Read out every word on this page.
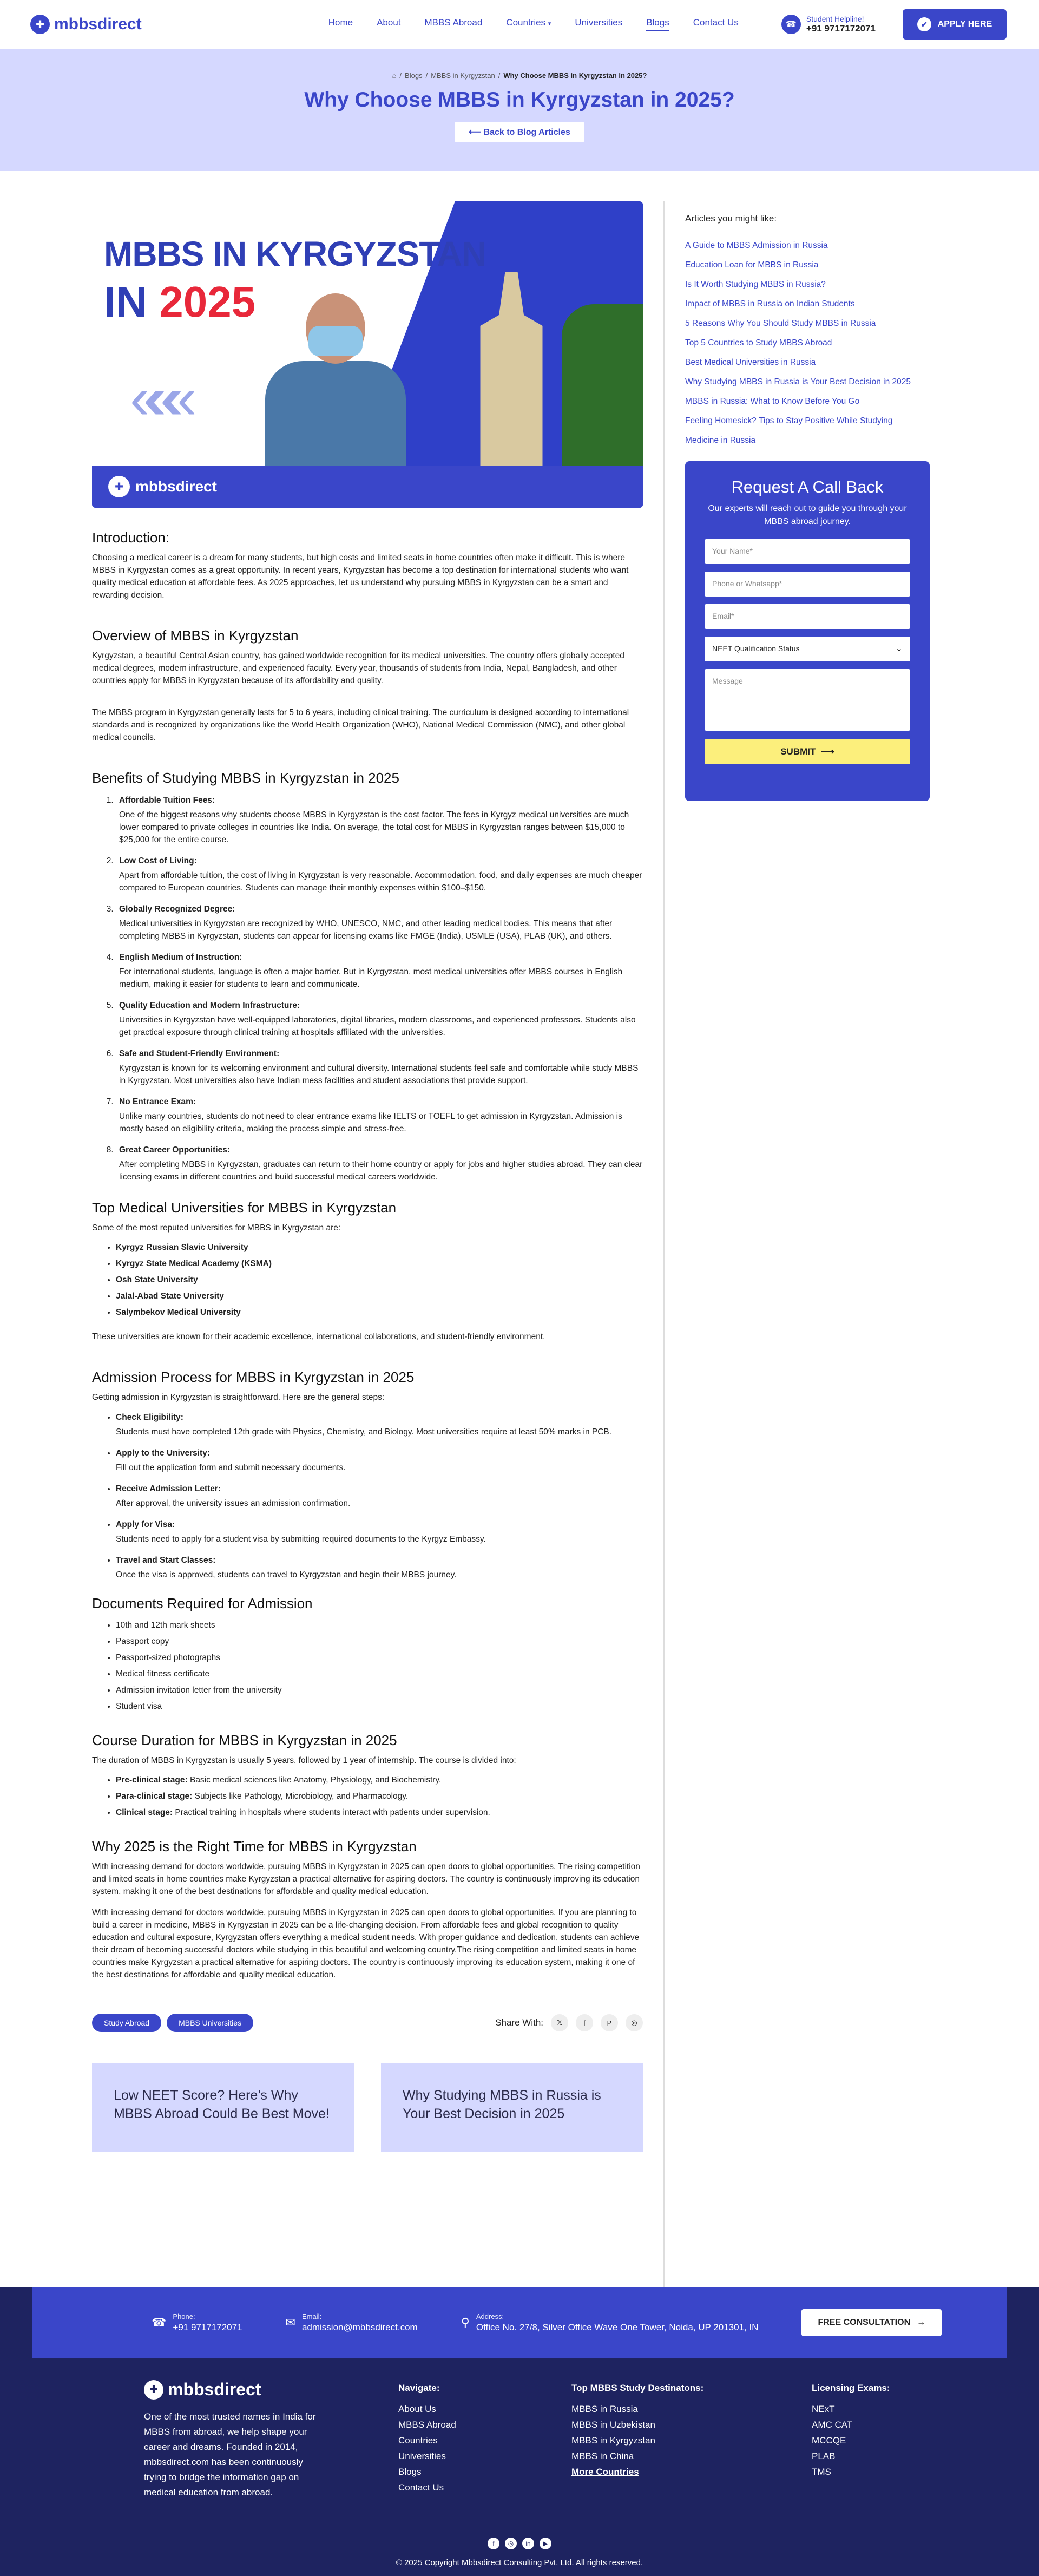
✚ mbbsdirect	Home	About	MBBS Abroad	Countries ▾	Universities	Blogs	Contact Us	☎
Student Helpline!
+91 9717172071	✔	APPLY HERE
⌂ / Blogs / MBBS in Kyrgyzstan / Why Choose MBBS in Kyrgyzstan in 2025?
Why Choose MBBS in Kyrgyzstan in 2025?
⟵ Back to Blog Articles
MBBS IN KYRGYZSTAN
IN 2025
«««
✚ mbbsdirect
Introduction:

Choosing a medical career is a dream for many students, but high costs and limited seats in home countries often make it difficult. This is where MBBS in Kyrgyzstan comes as a great opportunity. In recent years, Kyrgyzstan has become a top destination for international students who want quality medical education at affordable fees. As 2025 approaches, let us understand why pursuing MBBS in Kyrgyzstan can be a smart and rewarding decision.

Overview of MBBS in Kyrgyzstan

Kyrgyzstan, a beautiful Central Asian country, has gained worldwide recognition for its medical universities. The country offers globally accepted medical degrees, modern infrastructure, and experienced faculty. Every year, thousands of students from India, Nepal, Bangladesh, and other countries apply for MBBS in Kyrgyzstan because of its affordability and quality.

The MBBS program in Kyrgyzstan generally lasts for 5 to 6 years, including clinical training. The curriculum is designed according to international standards and is recognized by organizations like the World Health Organization (WHO), National Medical Commission (NMC), and other global medical councils.

Benefits of Studying MBBS in Kyrgyzstan in 2025
1. Affordable Tuition Fees:
One of the biggest reasons why students choose MBBS in Kyrgyzstan is the cost factor. The fees in Kyrgyz medical universities are much lower compared to private colleges in countries like India. On average, the total cost for MBBS in Kyrgyzstan ranges between $15,000 to $25,000 for the entire course.
2. Low Cost of Living:
Apart from affordable tuition, the cost of living in Kyrgyzstan is very reasonable. Accommodation, food, and daily expenses are much cheaper compared to European countries. Students can manage their monthly expenses within $100–$150.
3. Globally Recognized Degree:
Medical universities in Kyrgyzstan are recognized by WHO, UNESCO, NMC, and other leading medical bodies. This means that after completing MBBS in Kyrgyzstan, students can appear for licensing exams like FMGE (India), USMLE (USA), PLAB (UK), and others.
4. English Medium of Instruction:
For international students, language is often a major barrier. But in Kyrgyzstan, most medical universities offer MBBS courses in English medium, making it easier for students to learn and communicate.
5. Quality Education and Modern Infrastructure:
Universities in Kyrgyzstan have well-equipped laboratories, digital libraries, modern classrooms, and experienced professors. Students also get practical exposure through clinical training at hospitals affiliated with the universities.
6. Safe and Student-Friendly Environment:
Kyrgyzstan is known for its welcoming environment and cultural diversity. International students feel safe and comfortable while study MBBS in Kyrgyzstan. Most universities also have Indian mess facilities and student associations that provide support.
7. No Entrance Exam:
Unlike many countries, students do not need to clear entrance exams like IELTS or TOEFL to get admission in Kyrgyzstan. Admission is mostly based on eligibility criteria, making the process simple and stress-free.
8. Great Career Opportunities:
After completing MBBS in Kyrgyzstan, graduates can return to their home country or apply for jobs and higher studies abroad. They can clear licensing exams in different countries and build successful medical careers worldwide.
Top Medical Universities for MBBS in Kyrgyzstan

Some of the most reputed universities for MBBS in Kyrgyzstan are:

• Kyrgyz Russian Slavic University
• Kyrgyz State Medical Academy (KSMA)
• Osh State University
• Jalal-Abad State University
• Salymbekov Medical University

These universities are known for their academic excellence, international collaborations, and student-friendly environment.

Admission Process for MBBS in Kyrgyzstan in 2025

Getting admission in Kyrgyzstan is straightforward. Here are the general steps:

• Check Eligibility:
Students must have completed 12th grade with Physics, Chemistry, and Biology. Most universities require at least 50% marks in PCB.
• Apply to the University:
Fill out the application form and submit necessary documents.
• Receive Admission Letter:
After approval, the university issues an admission confirmation.
• Apply for Visa:
Students need to apply for a student visa by submitting required documents to the Kyrgyz Embassy.
• Travel and Start Classes:
Once the visa is approved, students can travel to Kyrgyzstan and begin their MBBS journey.
Documents Required for Admission
• 10th and 12th mark sheets
• Passport copy
• Passport-sized photographs
• Medical fitness certificate
• Admission invitation letter from the university
• Student visa
Course Duration for MBBS in Kyrgyzstan in 2025

The duration of MBBS in Kyrgyzstan is usually 5 years, followed by 1 year of internship. The course is divided into:

• Pre-clinical stage: Basic medical sciences like Anatomy, Physiology, and Biochemistry.
• Para-clinical stage: Subjects like Pathology, Microbiology, and Pharmacology.
• Clinical stage: Practical training in hospitals where students interact with patients under supervision.
Why 2025 is the Right Time for MBBS in Kyrgyzstan

With increasing demand for doctors worldwide, pursuing MBBS in Kyrgyzstan in 2025 can open doors to global opportunities. The rising competition and limited seats in home countries make Kyrgyzstan a practical alternative for aspiring doctors. The country is continuously improving its education system, making it one of the best destinations for affordable and quality medical education.

With increasing demand for doctors worldwide, pursuing MBBS in Kyrgyzstan in 2025 can open doors to global opportunities. If you are planning to build a career in medicine, MBBS in Kyrgyzstan in 2025 can be a life-changing decision. From affordable fees and global recognition to quality education and cultural exposure, Kyrgyzstan offers everything a medical student needs. With proper guidance and dedication, students can achieve their dream of becoming successful doctors while studying in this beautiful and welcoming country.The rising competition and limited seats in home countries make Kyrgyzstan a practical alternative for aspiring doctors. The country is continuously improving its education system, making it one of the best destinations for affordable and quality medical education.

Study Abroad	MBBS Universities	Share With:	𝕏	f	P	◎
Low NEET Score? Here’s Why MBBS Abroad Could Be Best Move!
Why Studying MBBS in Russia is Your Best Decision in 2025
Articles you might like:
A Guide to MBBS Admission in Russia
Education Loan for MBBS in Russia
Is It Worth Studying MBBS in Russia?
Impact of MBBS in Russia on Indian Students
5 Reasons Why You Should Study MBBS in Russia
Top 5 Countries to Study MBBS Abroad
Best Medical Universities in Russia
Why Studying MBBS in Russia is Your Best Decision in 2025
MBBS in Russia: What to Know Before You Go
Feeling Homesick? Tips to Stay Positive While Studying
Medicine in Russia
Request A Call Back

Our experts will reach out to guide you through your MBBS abroad journey.

Your Name*
Phone or Whatsapp*
Email*
NEET Qualification Status	⌄
Message
SUBMIT ⟶
☎ Phone:
+91 9717172071	✉ Email:
admission@mbbsdirect.com	⚲ Address:
Office No. 27/8, Silver Office Wave One Tower, Noida, UP 201301, IN	FREE CONSULTATION →
✚ mbbsdirect

One of the most trusted names in India for MBBS from abroad, we help shape your career and dreams. Founded in 2014, mbbsdirect.com has been continuously trying to bridge the information gap on medical education from abroad.

Navigate:
About Us
MBBS Abroad
Countries
Universities
Blogs
Contact Us
Top MBBS Study Destinatons:
MBBS in Russia
MBBS in Uzbekistan
MBBS in Kyrgyzstan
MBBS in China
More Countries
Licensing Exams:
NExT
AMC CAT
MCCQE
PLAB
TMS
f	◎	in	▶
© 2025 Copyright Mbbsdirect Consulting Pvt. Ltd. All rights reserved.
